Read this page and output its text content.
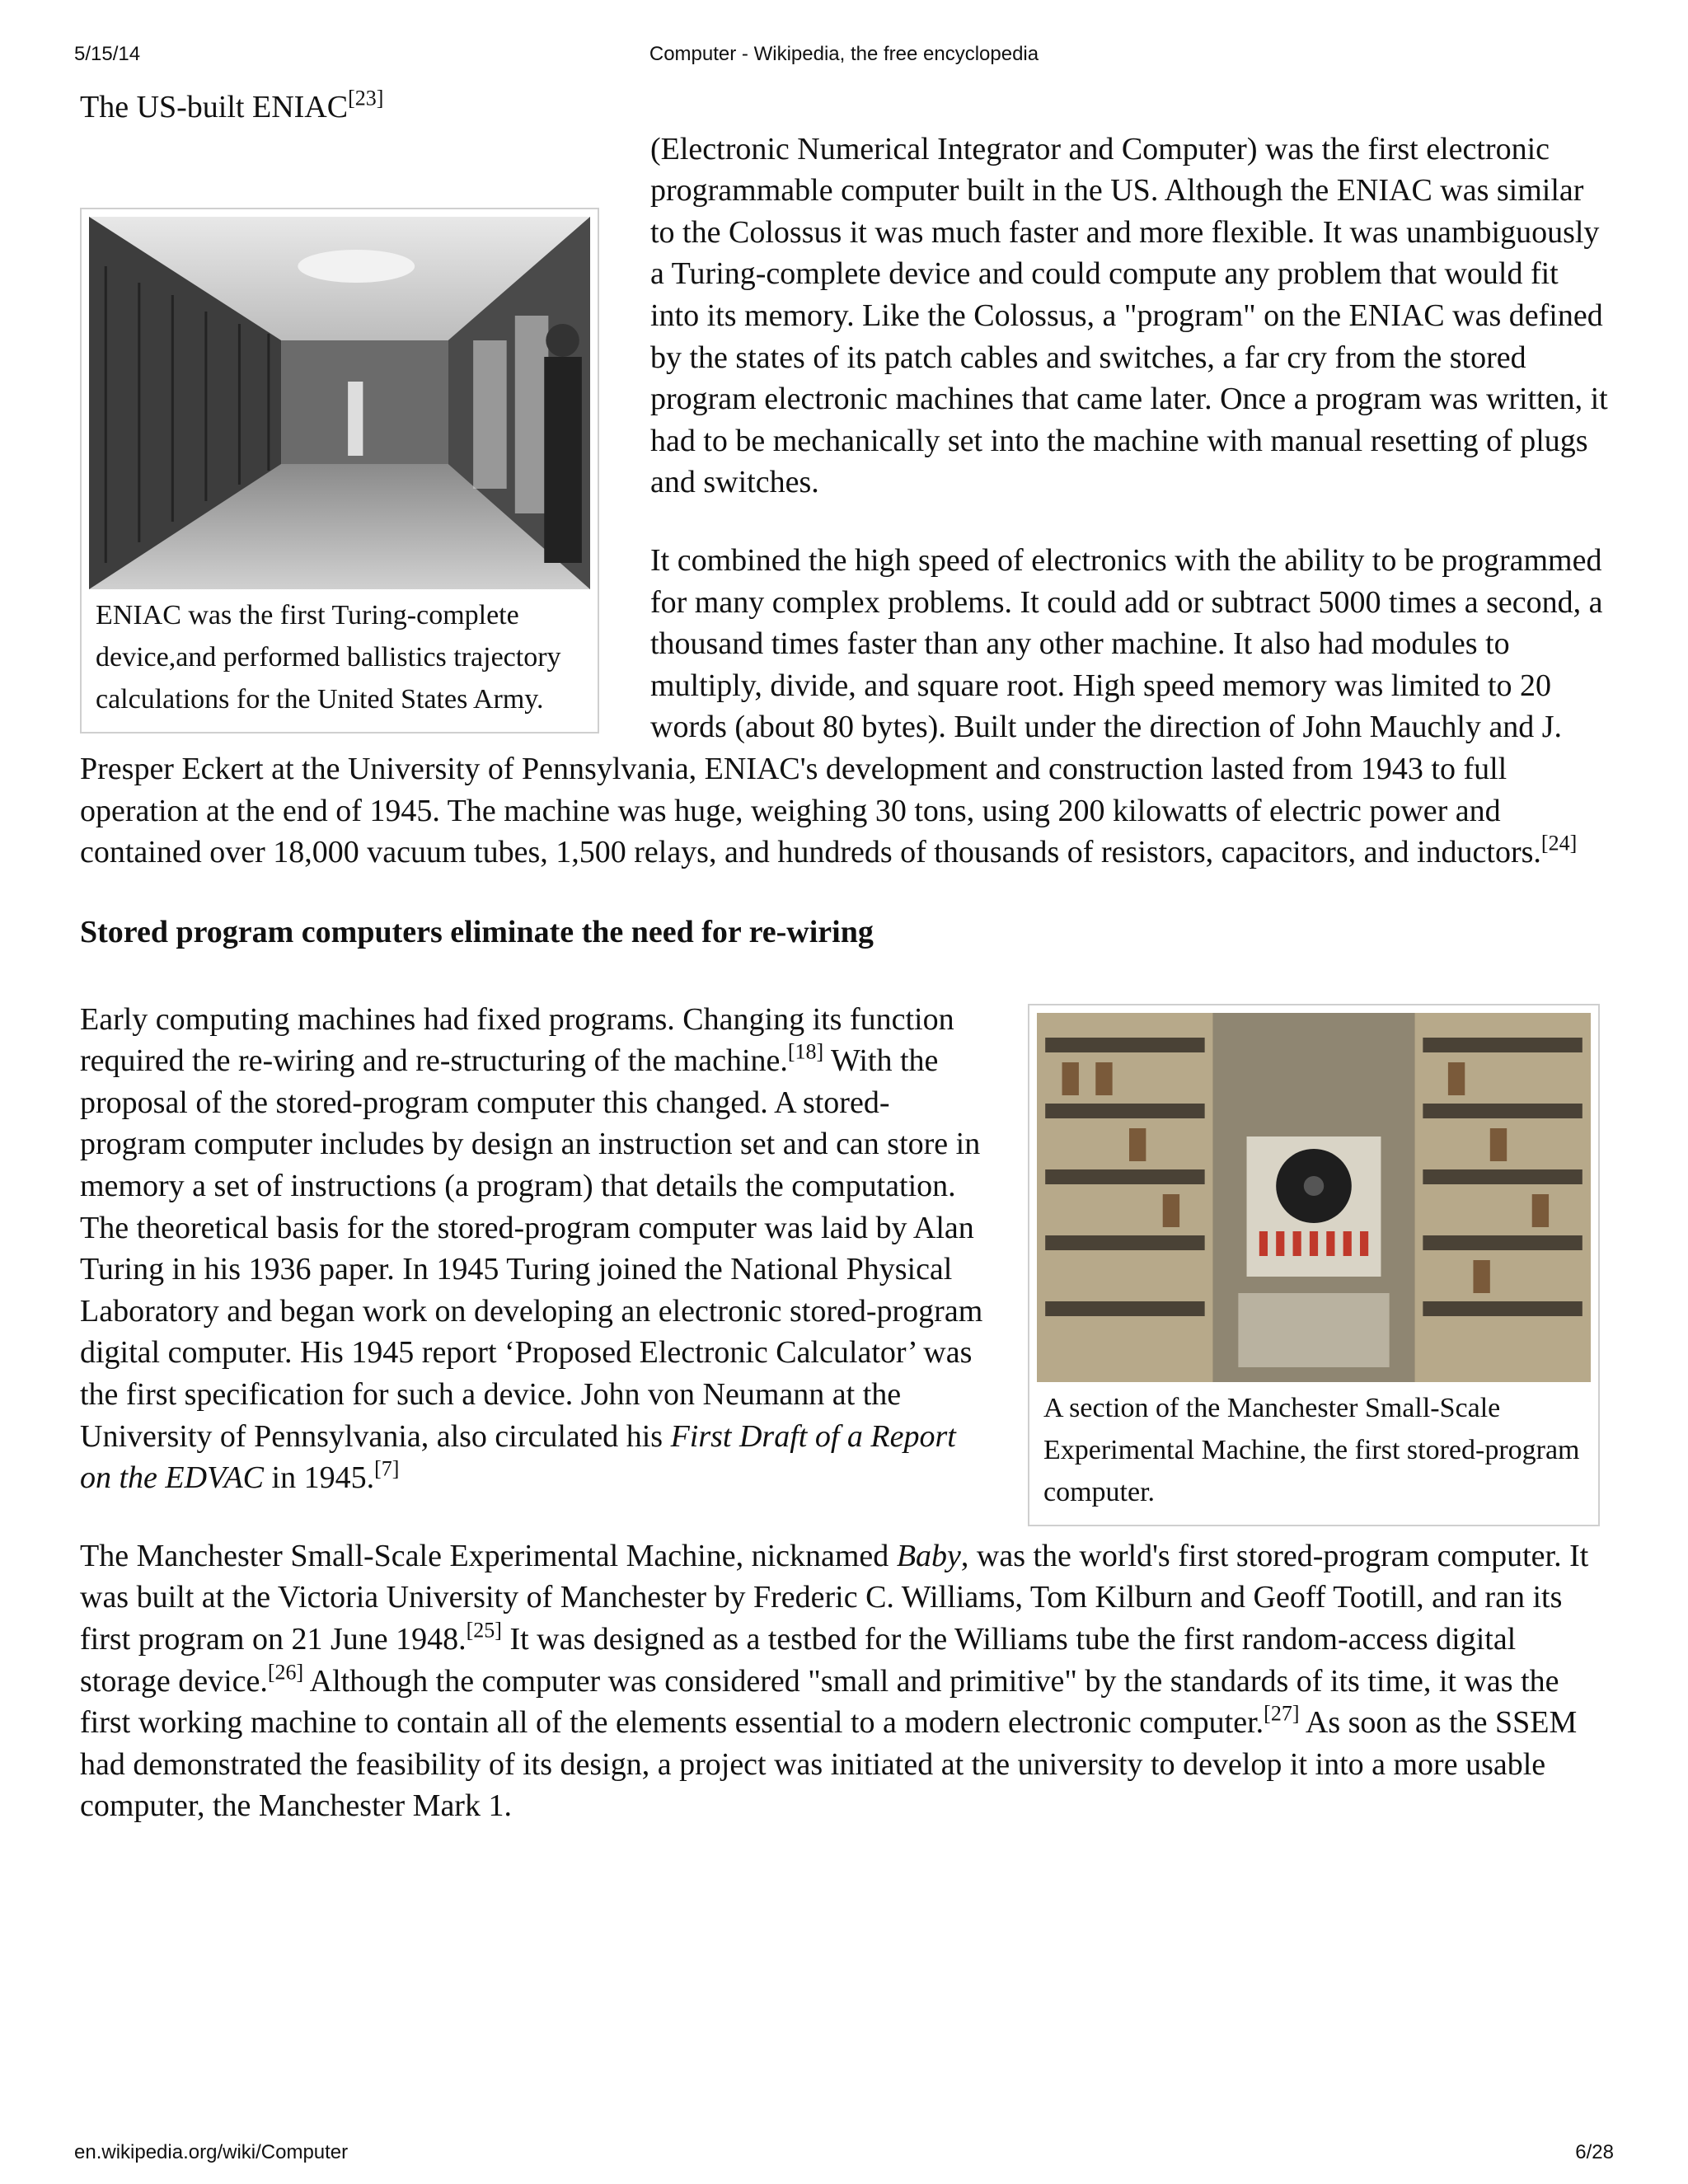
5/15/14	Computer - Wikipedia, the free encyclopedia

The US-built ENIAC[23]

ENIAC was the first Turing-complete device,and performed ballistics trajectory calculations for the United States Army.

(Electronic Numerical Integrator and Computer) was the first electronic programmable computer built in the US. Although the ENIAC was similar to the Colossus it was much faster and more flexible. It was unambiguously a Turing-complete device and could compute any problem that would fit into its memory. Like the Colossus, a "program" on the ENIAC was defined by the states of its patch cables and switches, a far cry from the stored program electronic machines that came later. Once a program was written, it had to be mechanically set into the machine with manual resetting of plugs and switches.

It combined the high speed of electronics with the ability to be programmed for many complex problems. It could add or subtract 5000 times a second, a thousand times faster than any other machine. It also had modules to multiply, divide, and square root. High speed memory was limited to 20 words (about 80 bytes). Built under the direction of John Mauchly and J. Presper Eckert at the University of Pennsylvania, ENIAC's development and construction lasted from 1943 to full operation at the end of 1945. The machine was huge, weighing 30 tons, using 200 kilowatts of electric power and contained over 18,000 vacuum tubes, 1,500 relays, and hundreds of thousands of resistors, capacitors, and inductors.[24]

Stored program computers eliminate the need for re-wiring
A section of the Manchester Small-Scale Experimental Machine, the first stored-program computer.

Early computing machines had fixed programs. Changing its function required the re-wiring and re-structuring of the machine.[18] With the proposal of the stored-program computer this changed. A stored-program computer includes by design an instruction set and can store in memory a set of instructions (a program) that details the computation. The theoretical basis for the stored-program computer was laid by Alan Turing in his 1936 paper. In 1945 Turing joined the National Physical Laboratory and began work on developing an electronic stored-program digital computer. His 1945 report ‘Proposed Electronic Calculator’ was the first specification for such a device. John von Neumann at the University of Pennsylvania, also circulated his First Draft of a Report on the EDVAC in 1945.[7]

The Manchester Small-Scale Experimental Machine, nicknamed Baby, was the world's first stored-program computer. It was built at the Victoria University of Manchester by Frederic C. Williams, Tom Kilburn and Geoff Tootill, and ran its first program on 21 June 1948.[25] It was designed as a testbed for the Williams tube the first random-access digital storage device.[26] Although the computer was considered "small and primitive" by the standards of its time, it was the first working machine to contain all of the elements essential to a modern electronic computer.[27] As soon as the SSEM had demonstrated the feasibility of its design, a project was initiated at the university to develop it into a more usable computer, the Manchester Mark 1.

en.wikipedia.org/wiki/Computer	6/28
